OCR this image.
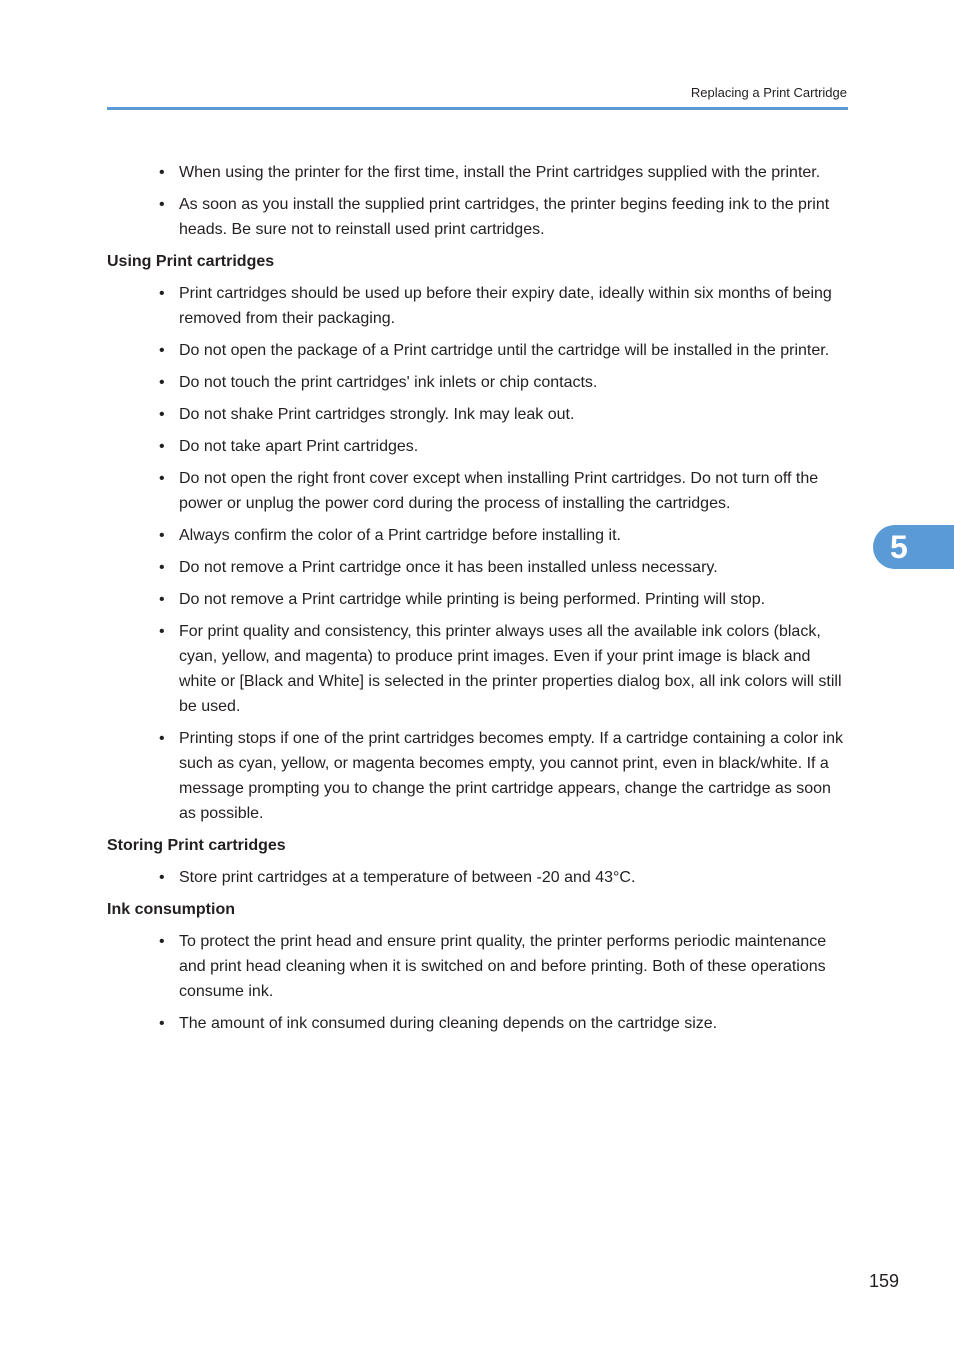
Replacing a Print Cartridge
• When using the printer for the first time, install the Print cartridges supplied with the printer.
• As soon as you install the supplied print cartridges, the printer begins feeding ink to the print heads. Be sure not to reinstall used print cartridges.
Using Print cartridges
• Print cartridges should be used up before their expiry date, ideally within six months of being removed from their packaging.
• Do not open the package of a Print cartridge until the cartridge will be installed in the printer.
• Do not touch the print cartridges' ink inlets or chip contacts.
• Do not shake Print cartridges strongly. Ink may leak out.
• Do not take apart Print cartridges.
• Do not open the right front cover except when installing Print cartridges. Do not turn off the power or unplug the power cord during the process of installing the cartridges.
• Always confirm the color of a Print cartridge before installing it.
• Do not remove a Print cartridge once it has been installed unless necessary.
• Do not remove a Print cartridge while printing is being performed. Printing will stop.
• For print quality and consistency, this printer always uses all the available ink colors (black, cyan, yellow, and magenta) to produce print images. Even if your print image is black and white or [Black and White] is selected in the printer properties dialog box, all ink colors will still be used.
• Printing stops if one of the print cartridges becomes empty. If a cartridge containing a color ink such as cyan, yellow, or magenta becomes empty, you cannot print, even in black/white. If a message prompting you to change the print cartridge appears, change the cartridge as soon as possible.
Storing Print cartridges
• Store print cartridges at a temperature of between -20 and 43°C.
Ink consumption
• To protect the print head and ensure print quality, the printer performs periodic maintenance and print head cleaning when it is switched on and before printing. Both of these operations consume ink.
• The amount of ink consumed during cleaning depends on the cartridge size.
5
159
